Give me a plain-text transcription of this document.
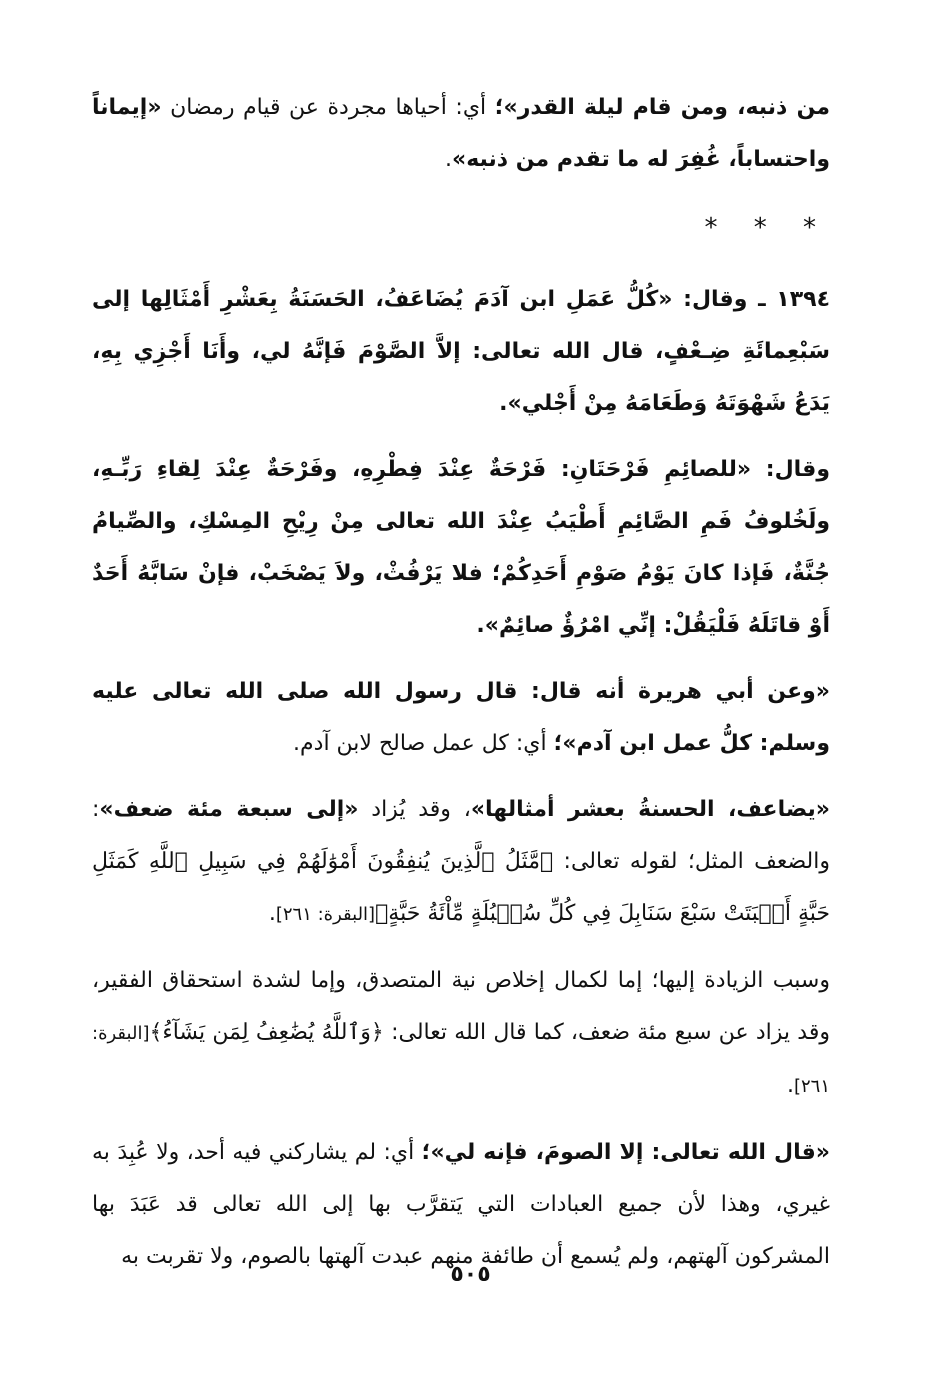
من ذنبه، ومن قام ليلة القدر»؛ أي: أحياها مجردة عن قيام رمضان «إيماناً واحتساباً، غُفِرَ له ما تقدم من ذنبه».

* * *

١٣٩٤ ـ وقال: «كُلُّ عَمَلِ ابن آدَمَ يُضَاعَفُ، الحَسَنَةُ بِعَشْرِ أَمْثَالِها إلى سَبْعِمائَةِ ضِـعْفٍ، قال الله تعالى: إلاَّ الصَّوْمَ فَإنَّهُ لي، وأَنَا أَجْزِي بِهِ، يَدَعُ شَهْوَتَهُ وَطَعَامَهُ مِنْ أَجْلي».

وقال: «للصائِمِ فَرْحَتَانِ: فَرْحَةٌ عِنْدَ فِطْرِهِ، وفَرْحَةٌ عِنْدَ لِقاءِ رَبِّـهِ، ولَخُلوفُ فَمِ الصَّائِمِ أَطْيَبُ عِنْدَ الله تعالى مِنْ رِيْحِ المِسْكِ، والصِّيامُ جُنَّةٌ، فَإذا كانَ يَوْمُ صَوْمِ أَحَدِكُمْ؛ فلا يَرْفُثْ، ولاَ يَصْخَبْ، فإنْ سَابَّهُ أَحَدٌ أَوْ قاتَلَهُ فَلْيَقُلْ: إنِّي امْرُؤٌ صائِمٌ».

«وعن أبي هريرة أنه قال: قال رسول الله صلى الله تعالى عليه وسلم: كلُّ عمل ابن آدم»؛ أي: كل عمل صالح لابن آدم.

«يضاعف، الحسنةُ بعشر أمثالها»، وقد يُزاد «إلى سبعة مئة ضعف»: والضعف المثل؛ لقوله تعالى: ﴿مَّثَلُ ٱلَّذِينَ يُنفِقُونَ أَمْوَٰلَهُمْ فِي سَبِيلِ ٱللَّهِ كَمَثَلِ حَبَّةٍ أَنۢبَتَتْ سَبْعَ سَنَابِلَ فِي كُلِّ سُنۢبُلَةٍ مِّاْئَةُ حَبَّةٍ﴾[البقرة: ٢٦١].

وسبب الزيادة إليها؛ إما لكمال إخلاص نية المتصدق، وإما لشدة استحقاق الفقير، وقد يزاد عن سبع مئة ضعف، كما قال الله تعالى: ﴿وَٱللَّهُ يُضَٰعِفُ لِمَن يَشَآءُ﴾[البقرة: ٢٦١].

«قال الله تعالى: إلا الصومَ، فإنه لي»؛ أي: لم يشاركني فيه أحد، ولا عُبِدَ به غيري، وهذا لأن جميع العبادات التي يَتقرَّب بها إلى الله تعالى قد عَبَدَ بها المشركون آلهتهم، ولم يُسمع أن طائفة منهم عبدت آلهتها بالصوم، ولا تقربت به

٥٠٥
